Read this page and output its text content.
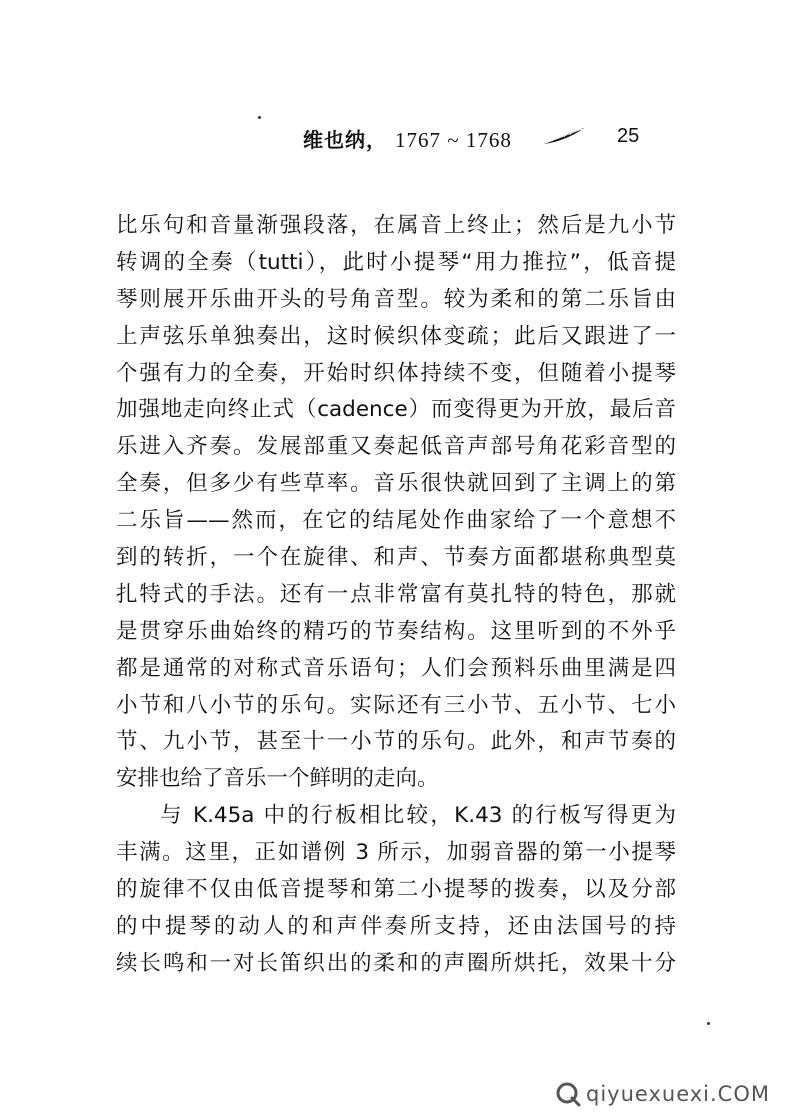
维也纳， 1767 ~ 1768	25
比乐句和音量渐强段落，在属音上终止；然后是九小节
转调的全奏（tutti），此时小提琴“用力推拉”，低音提
琴则展开乐曲开头的号角音型。较为柔和的第二乐旨由
上声弦乐单独奏出，这时候织体变疏；此后又跟进了一
个强有力的全奏，开始时织体持续不变，但随着小提琴
加强地走向终止式（cadence）而变得更为开放，最后音
乐进入齐奏。发展部重又奏起低音声部号角花彩音型的
全奏，但多少有些草率。音乐很快就回到了主调上的第
二乐旨——然而，在它的结尾处作曲家给了一个意想不
到的转折，一个在旋律、和声、节奏方面都堪称典型莫
扎特式的手法。还有一点非常富有莫扎特的特色，那就
是贯穿乐曲始终的精巧的节奏结构。这里听到的不外乎
都是通常的对称式音乐语句；人们会预料乐曲里满是四
小节和八小节的乐句。实际还有三小节、五小节、七小
节、九小节，甚至十一小节的乐句。此外，和声节奏的
安排也给了音乐一个鲜明的走向。
与 K.45a 中的行板相比较，K.43 的行板写得更为
丰满。这里，正如谱例 3 所示，加弱音器的第一小提琴
的旋律不仅由低音提琴和第二小提琴的拨奏，以及分部
的中提琴的动人的和声伴奏所支持，还由法国号的持
续长鸣和一对长笛织出的柔和的声圈所烘托，效果十分
qiyuexuexi.COM
